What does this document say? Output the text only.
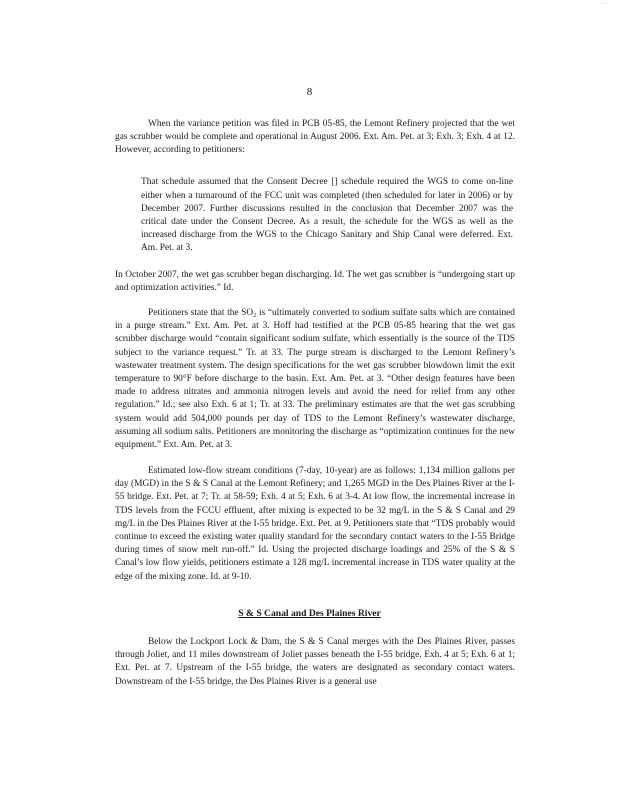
...
8

When the variance petition was filed in PCB 05-85, the Lemont Refinery projected that the wet gas scrubber would be complete and operational in August 2006. Ext. Am. Pet. at 3; Exh. 3; Exh. 4 at 12. However, according to petitioners:

That schedule assumed that the Consent Decree [] schedule required the WGS to come on-line either when a turnaround of the FCC unit was completed (then scheduled for later in 2006) or by December 2007. Further discussions resulted in the conclusion that December 2007 was the critical date under the Consent Decree. As a result, the schedule for the WGS as well as the increased discharge from the WGS to the Chicago Sanitary and Ship Canal were deferred. Ext. Am. Pet. at 3.

In October 2007, the wet gas scrubber began discharging. Id. The wet gas scrubber is “undergoing start up and optimization activities.” Id.

Petitioners state that the SO₂ is “ultimately converted to sodium sulfate salts which are contained in a purge stream.” Ext. Am. Pet. at 3. Hoff had testified at the PCB 05-85 hearing that the wet gas scrubber discharge would “contain significant sodium sulfate, which essentially is the source of the TDS subject to the variance request.” Tr. at 33. The purge stream is discharged to the Lemont Refinery’s wastewater treatment system. The design specifications for the wet gas scrubber blowdown limit the exit temperature to 90°F before discharge to the basin. Ext. Am. Pet. at 3. “Other design features have been made to address nitrates and ammonia nitrogen levels and avoid the need for relief from any other regulation.” Id.; see also Exh. 6 at 1; Tr. at 33. The preliminary estimates are that the wet gas scrubbing system would add 504,000 pounds per day of TDS to the Lemont Refinery’s wastewater discharge, assuming all sodium salts. Petitioners are monitoring the discharge as “optimization continues for the new equipment.” Ext. Am. Pet. at 3.

Estimated low-flow stream conditions (7-day, 10-year) are as follows: 1,134 million gallons per day (MGD) in the S & S Canal at the Lemont Refinery; and 1,265 MGD in the Des Plaines River at the I-55 bridge. Ext. Pet. at 7; Tr. at 58-59; Exh. 4 at 5; Exh. 6 at 3-4. At low flow, the incremental increase in TDS levels from the FCCU effluent, after mixing is expected to be 32 mg/L in the S & S Canal and 29 mg/L in the Des Plaines River at the I-55 bridge. Ext. Pet. at 9. Petitioners state that “TDS probably would continue to exceed the existing water quality standard for the secondary contact waters to the I-55 Bridge during times of snow melt run-off.” Id. Using the projected discharge loadings and 25% of the S & S Canal’s low flow yields, petitioners estimate a 128 mg/L incremental increase in TDS water quality at the edge of the mixing zone. Id. at 9-10.

S & S Canal and Des Plaines River

Below the Lockport Lock & Dam, the S & S Canal merges with the Des Plaines River, passes through Joliet, and 11 miles downstream of Joliet passes beneath the I-55 bridge. Exh. 4 at 5; Exh. 6 at 1; Ext. Pet. at 7. Upstream of the I-55 bridge, the waters are designated as secondary contact waters. Downstream of the I-55 bridge, the Des Plaines River is a general use
